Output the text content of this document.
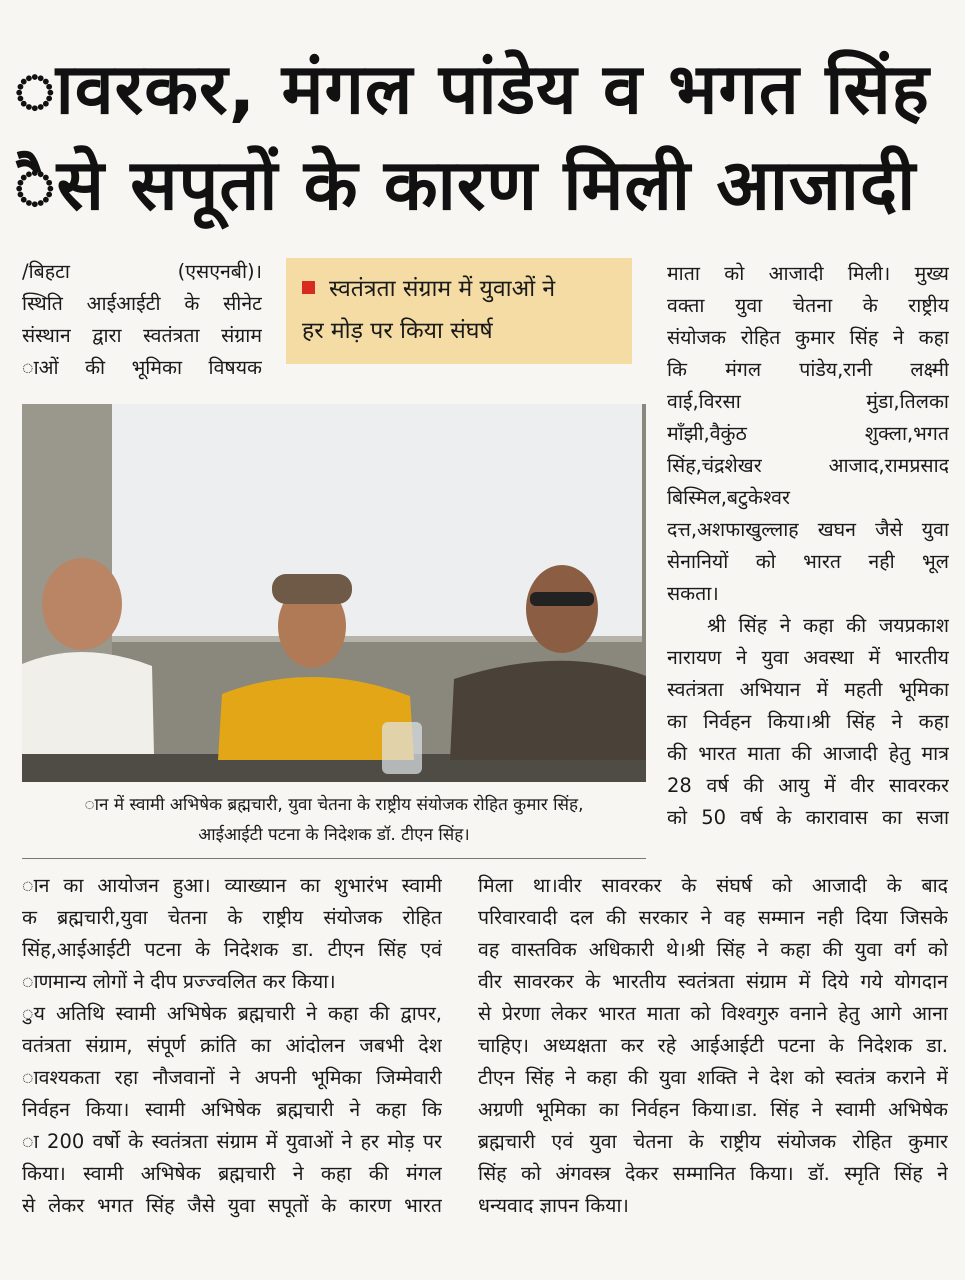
ावरकर, मंगल पांडेय व भगत सिंह
ैसे सपूतों के कारण मिली आजादी
/बिहटा (एसएनबी)।
स्थिति आईआईटी के सीनेट
संस्थान द्वारा स्वतंत्रता संग्राम
ाओं की भूमिका विषयक
स्वतंत्रता संग्राम में युवाओं ने
हर मोड़ पर किया संघर्ष
माता को आजादी मिली। मुख्य
वक्ता युवा चेतना के राष्ट्रीय
संयोजक रोहित कुमार सिंह ने कहा
कि मंगल पांडेय,रानी लक्ष्मी
वाई,विरसा मुंडा,तिलका
माँझी,वैकुंठ शुक्ला,भगत
सिंह,चंद्रशेखर आजाद,रामप्रसाद
बिस्मिल,बटुकेश्वर
दत्त,अशफाखुल्लाह खघन जैसे युवा
सेनानियों को भारत नही भूल
सकता।
श्री सिंह ने कहा की जयप्रकाश
नारायण ने युवा अवस्था में भारतीय
स्वतंत्रता अभियान में महती भूमिका
का निर्वहन किया।श्री सिंह ने कहा
की भारत माता की आजादी हेतु मात्र
28 वर्ष की आयु में वीर सावरकर
को 50 वर्ष के कारावास का सजा
ान में स्वामी अभिषेक ब्रह्मचारी, युवा चेतना के राष्ट्रीय संयोजक रोहित कुमार सिंह,
आईआईटी पटना के निदेशक डॉ. टीएन सिंह।
ान का आयोजन हुआ। व्याख्यान का शुभारंभ स्वामी
क ब्रह्मचारी,युवा चेतना के राष्ट्रीय संयोजक रोहित
सिंह,आईआईटी पटना के निदेशक डा. टीएन सिंह एवं
ाणमान्य लोगों ने दीप प्रज्ज्वलित कर किया।
ुय अतिथि स्वामी अभिषेक ब्रह्मचारी ने कहा की द्वापर,
वतंत्रता संग्राम, संपूर्ण क्रांति का आंदोलन जबभी देश
ावश्यकता रहा नौजवानों ने अपनी भूमिका जिम्मेवारी
निर्वहन किया। स्वामी अभिषेक ब्रह्मचारी ने कहा कि
ा 200 वर्षो के स्वतंत्रता संग्राम में युवाओं ने हर मोड़ पर
किया। स्वामी अभिषेक ब्रह्मचारी ने कहा की मंगल
से लेकर भगत सिंह जैसे युवा सपूतों के कारण भारत
मिला था।वीर सावरकर के संघर्ष को आजादी के बाद
परिवारवादी दल की सरकार ने वह सम्मान नही दिया जिसके
वह वास्तविक अधिकारी थे।श्री सिंह ने कहा की युवा वर्ग को
वीर सावरकर के भारतीय स्वतंत्रता संग्राम में दिये गये योगदान
से प्रेरणा लेकर भारत माता को विश्वगुरु वनाने हेतु आगे आना
चाहिए। अध्यक्षता कर रहे आईआईटी पटना के निदेशक डा.
टीएन सिंह ने कहा की युवा शक्ति ने देश को स्वतंत्र कराने में
अग्रणी भूमिका का निर्वहन किया।डा. सिंह ने स्वामी अभिषेक
ब्रह्मचारी एवं युवा चेतना के राष्ट्रीय संयोजक रोहित कुमार
सिंह को अंगवस्त्र देकर सम्मानित किया। डॉ. स्मृति सिंह ने
धन्यवाद ज्ञापन किया।
